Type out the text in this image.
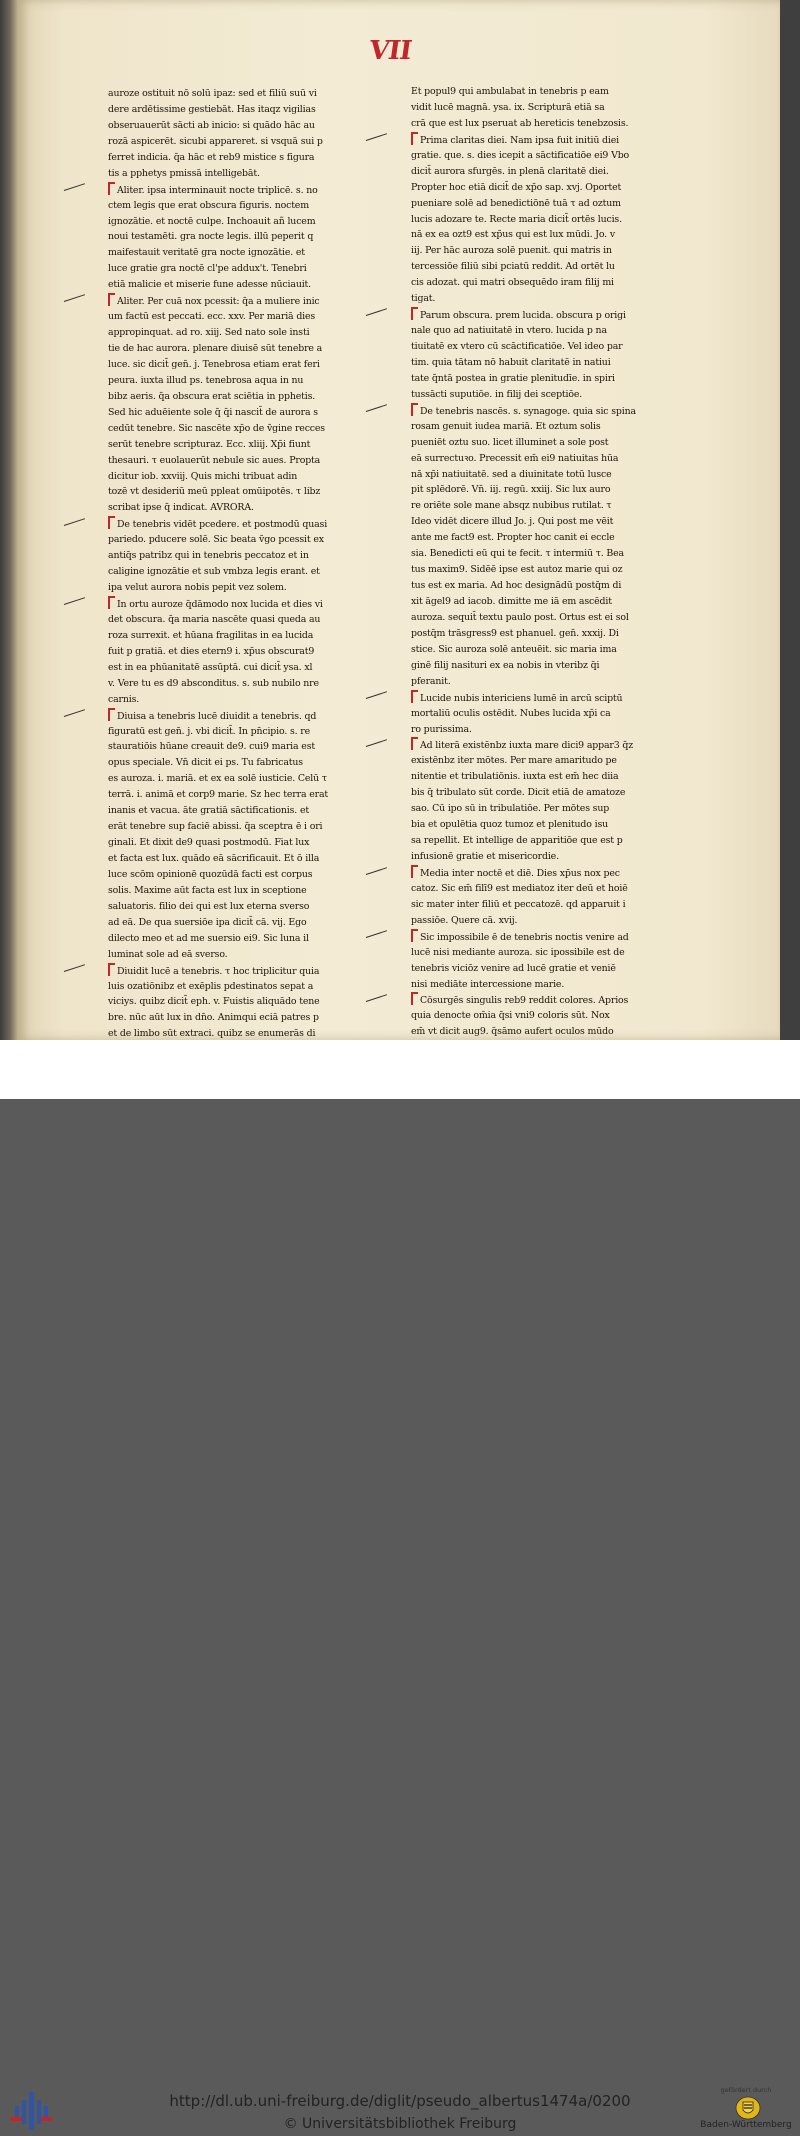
VII
auroze ostituit nō solū ipaz: sed et filiū suū vi
dere ardētissime gestiebāt. Has itaqz vigilias
obseruauerūt sācti ab inicio: si quādo hāc au
rozā aspicerēt. sicubi appareret. si vsquā sui p
ferret indicia. q̄a hāc et reb9 mistice s figura
tis a pphetys pmissā intelligebāt.
Aliter. ipsa interminauit nocte triplicē. s. no
ctem legis que erat obscura figuris. noctem
ignozātie. et noctē culpe. Inchoauit añ lucem
noui testamēti. gra nocte legis. illū peperit q
maifestauit veritatē gra nocte ignozātie. et
luce gratie gra noctē cl'pe addux't. Tenebri
etiā malicie et miserie fune adesse nūciauit.
Aliter. Per cuā nox pcessit: q̄a a muliere inic
um factū est peccati. ecc. xxv. Per mariā dies
appropinquat. ad ro. xiij. Sed nato sole insti
tie de hac aurora. plenare diuisē sūt tenebre a
luce. sic dicit̄ gen̄. j. Tenebrosa etiam erat feri
peura. iuxta illud ps. tenebrosa aqua in nu
bibz aeris. q̄a obscura erat sciētia in pphetis.
Sed hic aduēiente sole q̄ q̄i nascit̄ de aurora s
cedūt tenebre. Sic nascēte xp̄o de v̄gine recces
serūt tenebre scripturaz. Ecc. xliij. Xp̄i fiunt
thesauri. τ euolauerūt nebule sic aues. Propta
dicitur iob. xxviij. Quis michi tribuat adin
tozē vt desideriū meū ppleat omūipotēs. τ libz
scribat ipse q̄ indicat. AVRORA.
De tenebris vidēt pcedere. et postmodū quasi
pariedo. pducere solē. Sic beata v̄go pcessit ex
antiq̄s patribz qui in tenebris peccatoz et in
caligine ignozātie et sub vmbza legis erant. et
ipa velut aurora nobis pepit vez solem.
In ortu auroze q̄dāmodo nox lucida et dies vi
det obscura. q̄a maria nascēte quasi queda au
roza surrexit. et hūana fragilitas in ea lucida
fuit p gratiā. et dies etern9 i. xp̄us obscurat9
est in ea phūanitatē assūptā. cui dicit̄ ysa. xl
v. Vere tu es d9 absconditus. s. sub nubilo nre
carnis.
Diuisa a tenebris lucē diuidit a tenebris. qd
figuratū est gen̄. j. vbi dicit̄. In pn̄cipio. s. re
stauratiōis hūane creauit de9. cui9 maria est
opus speciale. Vn̄ dicit ei ps. Tu fabricatus
es auroza. i. mariā. et ex ea solē iusticie. Celū τ
terrā. i. animā et corp9 marie. Sz hec terra erat
inanis et vacua. āte gratiā sāctificationis. et
erāt tenebre sup faciē abissi. q̄a sceptra ē i ori
ginali. Et dixit de9 quasi postmodū. Fiat lux
et facta est lux. quādo eā sācrificauit. Et ō illa
luce scōm opinionē quozūdā facti est corpus
solis. Maxime aūt facta est lux in sceptione
saluatoris. filio dei qui est lux eterna sverso
ad eā. De qua suersiōe ipa dicit̄ cā. vij. Ego
dilecto meo et ad me suersio ei9. Sic luna il
luminat sole ad eā sverso.
Diuidit lucē a tenebris. τ hoc triplicitur quia
luis ozatiōnibz et exēplis pdestinatos sepat a
viciys. quibz dicit̄ eph. v. Fuistis aliquādo tene
bre. nūc aūt lux in dn̄o. Animqui eciā patres p
et de limbo sūt extraci. quibz se enumerās di
Et popul9 qui ambulabat in tenebris p eam
vidit lucē magnā. ysa. ix. Scripturā etiā sa
crā que est lux pseruat ab hereticis tenebzosis.
Prima claritas diei. Nam ipsa fuit initiū diei
gratie. que. s. dies icepit a sāctificatiōe ei9 Vbo
dicit̄ aurora sfurgēs. in plenā claritatē diei.
Propter hoc etiā dicit̄ de xp̄o sap. xvj. Oportet
pueniare solē ad benedictiōnē tuā τ ad oztum
lucis adozare te. Recte maria dicit̄ ortēs lucis.
nā ex ea ozt9 est xp̄us qui est lux mūdi. Jo. v
iij. Per hāc auroza solē puenit. qui matris in
tercessiōe filiū sibi pciatū reddit. Ad ortēt lu
cis adozat. qui matri obsequēdo iram filij mi
tigat.
Parum obscura. prem lucida. obscura p origi
nale quo ad natiuitatē in vtero. lucida p na
tiuitatē ex vtero cū scāctificatiōe. Vel ideo par
tim. quia tātam nō habuit claritatē in natiui
tate q̄ntā postea in gratie plenitudīe. in spiri
tussācti suputiōe. in filij dei sceptiōe.
De tenebris nascēs. s. synagoge. quia sic spina
rosam genuit iudea mariā. Et oztum solis
pueniēt oztu suo. licet illuminet a sole post
eā surrectuꝛo. Precessit em̄ ei9 natiuitas hūa
nā xp̄i natiuitatē. sed a diuinitate totū lusce
pit splēdorē. Vn̄. iij. regū. xxiij. Sic lux auro
re oriēte sole mane absqz nubibus rutilat. τ
Ideo vidēt dicere illud Jo. j. Qui post me vēit
ante me fact9 est. Propter hoc canit ei eccle
sia. Benedicti eū qui te fecit. τ intermiū τ. Bea
tus maxim9. Sidēē ipse est autoz marie qui oz
tus est ex maria. Ad hoc designādū postq̄m di
xit āgel9 ad iacob. dimitte me iā em ascēdit
auroza. sequit̄ textu paulo post. Ortus est ei sol
postq̄m trāsgress9 est phanuel. gen̄. xxxij. Di
stice. Sic auroza solē anteuēit. sic maria ima
ginē filij nasituri ex ea nobis in vteribz q̄i
pferanit.
Lucide nubis intericiens lumē in arcū sciptū
mortaliū oculis ostēdit. Nubes lucida xp̄i ca
ro purissima.
Ad literā existēnbz iuxta mare dici9 appar3 q̄z
existēnbz iter mōtes. Per mare amaritudo pe
nitentie et tribulatiōnis. iuxta est em̄ hec diia
bis q̄ tribulato sūt corde. Dicit etiā de amatoze
sao. Cū ipo sū in tribulatiōe. Per mōtes sup
bia et opulētia quoz tumoz et plenitudo isu
sa repellit. Et intellige de apparitiōe que est p
infusionē gratie et misericordie.
Media inter noctē et diē. Dies xp̄us nox pec
catoz. Sic em̄ filī9 est mediatoz iter deū et hoiē
sic mater inter filiū et peccatozē. qd apparuit i
passiōe. Quere cā. xvij.
Sic impossibile ē de tenebris noctis venire ad
lucē nisi mediante auroza. sic ipossibile est de
tenebris viciōz venire ad lucē gratie et veniē
nisi mediāte intercessione marie.
Cōsurgēs singulis reb9 reddit colores. Aprios
quia denocte om̄ia q̄si vni9 coloris sūt. Nox
em̄ vt dicit aug9. q̄sāmo aufert oculos mūdo
http://dl.ub.uni-freiburg.de/diglit/pseudo_albertus1474a/0200
© Universitätsbibliothek Freiburg
gefördert durch
Baden-Württemberg
